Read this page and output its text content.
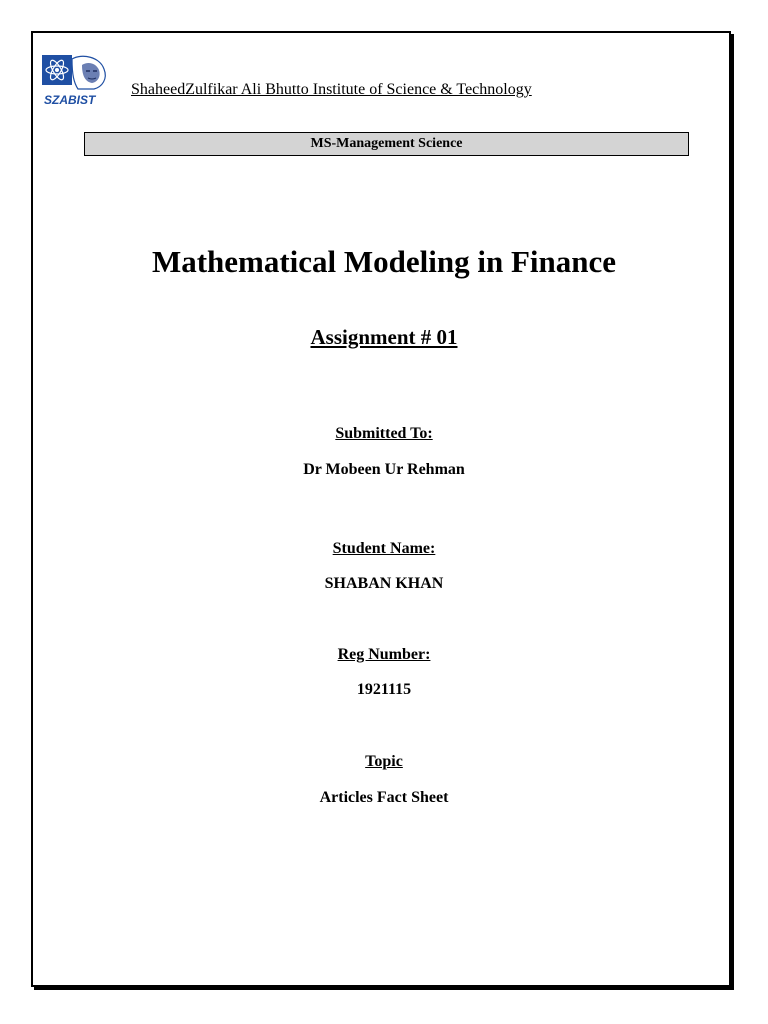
SZABIST
ShaheedZulfikar Ali Bhutto Institute of Science & Technology
MS-Management Science
Mathematical Modeling in Finance
Assignment # 01
Submitted To:
Dr Mobeen Ur Rehman
Student Name:
SHABAN KHAN
Reg Number:
1921115
Topic
Articles Fact Sheet
